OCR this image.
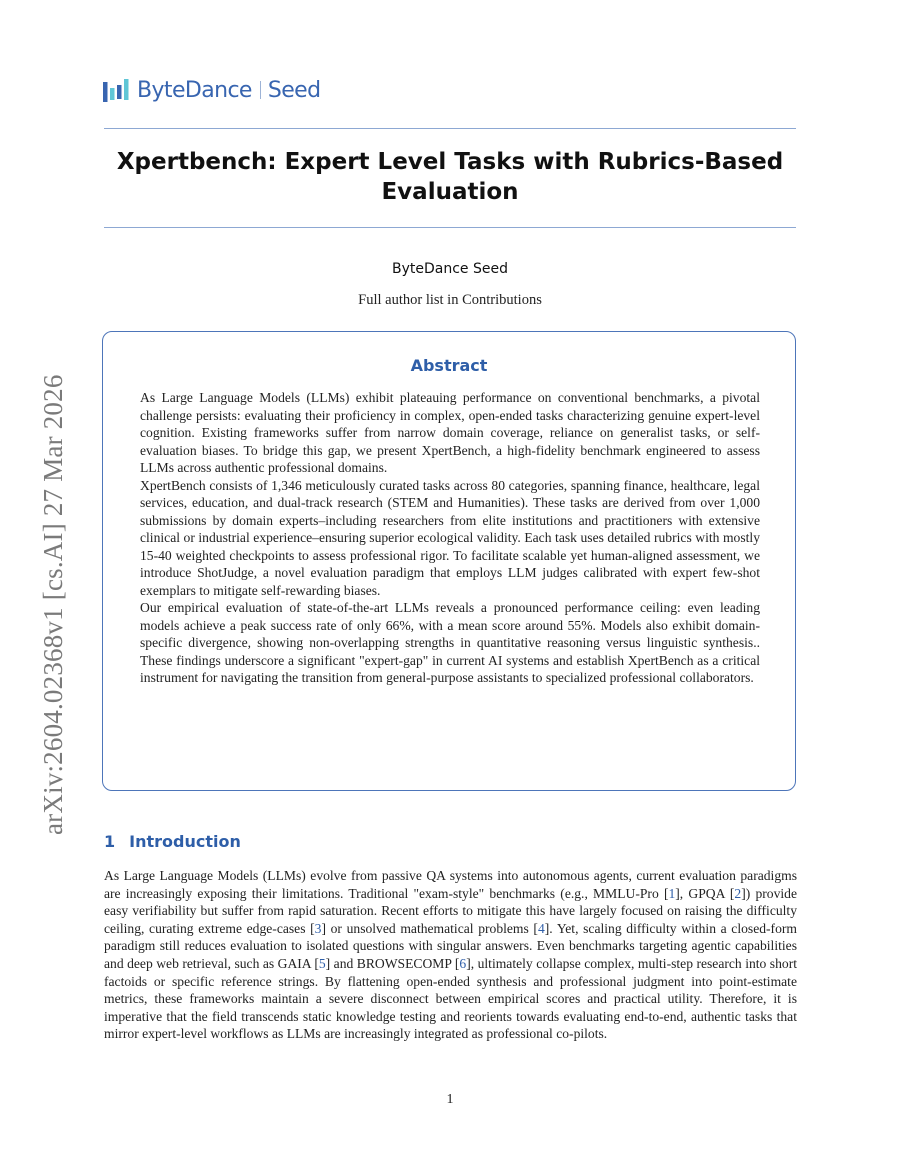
ByteDance Seed
Xpertbench: Expert Level Tasks with Rubrics-Based Evaluation
ByteDance Seed
Full author list in Contributions
Abstract

As Large Language Models (LLMs) exhibit plateauing performance on conventional benchmarks, a pivotal challenge persists: evaluating their proficiency in complex, open-ended tasks characterizing genuine expert-level cognition. Existing frameworks suffer from narrow domain coverage, reliance on generalist tasks, or self-evaluation biases. To bridge this gap, we present XpertBench, a high-fidelity benchmark engineered to assess LLMs across authentic professional domains.

XpertBench consists of 1,346 meticulously curated tasks across 80 categories, spanning finance, healthcare, legal services, education, and dual-track research (STEM and Humanities). These tasks are derived from over 1,000 submissions by domain experts–including researchers from elite institutions and practitioners with extensive clinical or industrial experience–ensuring superior ecological validity. Each task uses detailed rubrics with mostly 15-40 weighted checkpoints to assess professional rigor. To facilitate scalable yet human-aligned assessment, we introduce ShotJudge, a novel evaluation paradigm that employs LLM judges calibrated with expert few-shot exemplars to mitigate self-rewarding biases.

Our empirical evaluation of state-of-the-art LLMs reveals a pronounced performance ceiling: even leading models achieve a peak success rate of only 66%, with a mean score around 55%. Models also exhibit domain-specific divergence, showing non-overlapping strengths in quantitative reasoning versus linguistic synthesis.. These findings underscore a significant "expert-gap" in current AI systems and establish XpertBench as a critical instrument for navigating the transition from general-purpose assistants to specialized professional collaborators.

arXiv:2604.02368v1 [cs.AI] 27 Mar 2026
1 Introduction

As Large Language Models (LLMs) evolve from passive QA systems into autonomous agents, current evaluation paradigms are increasingly exposing their limitations. Traditional "exam-style" benchmarks (e.g., MMLU-Pro [1], GPQA [2]) provide easy verifiability but suffer from rapid saturation. Recent efforts to mitigate this have largely focused on raising the difficulty ceiling, curating extreme edge-cases [3] or unsolved mathematical problems [4]. Yet, scaling difficulty within a closed-form paradigm still reduces evaluation to isolated questions with singular answers. Even benchmarks targeting agentic capabilities and deep web retrieval, such as GAIA [5] and BROWSECOMP [6], ultimately collapse complex, multi-step research into short factoids or specific reference strings. By flattening open-ended synthesis and professional judgment into point-estimate metrics, these frameworks maintain a severe disconnect between empirical scores and practical utility. Therefore, it is imperative that the field transcends static knowledge testing and reorients towards evaluating end-to-end, authentic tasks that mirror expert-level workflows as LLMs are increasingly integrated as professional co-pilots.

1
